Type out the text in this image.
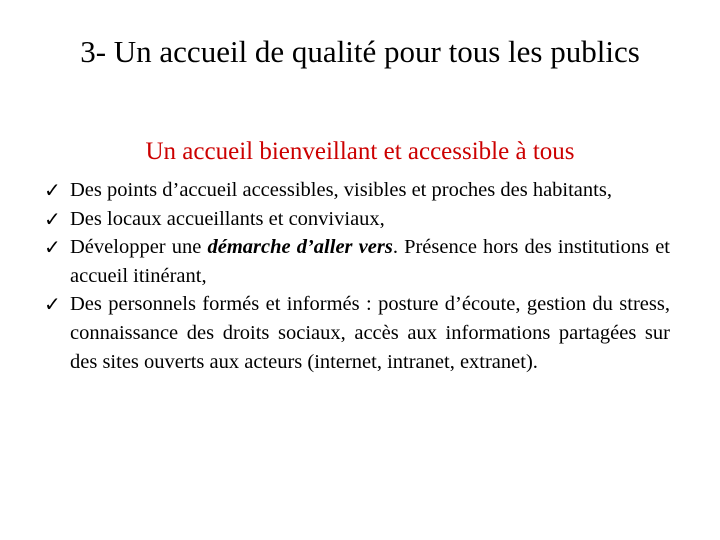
3- Un accueil de qualité pour tous les publics

Un accueil bienveillant et accessible à tous

✓ Des points d’accueil accessibles, visibles et proches des habitants,
✓ Des locaux accueillants et conviviaux,
✓ Développer une démarche d’aller vers. Présence hors des institutions et accueil itinérant,
✓ Des personnels formés et informés : posture d’écoute, gestion du stress, connaissance des droits sociaux, accès aux informations partagées sur des sites ouverts aux acteurs (internet, intranet, extranet).
